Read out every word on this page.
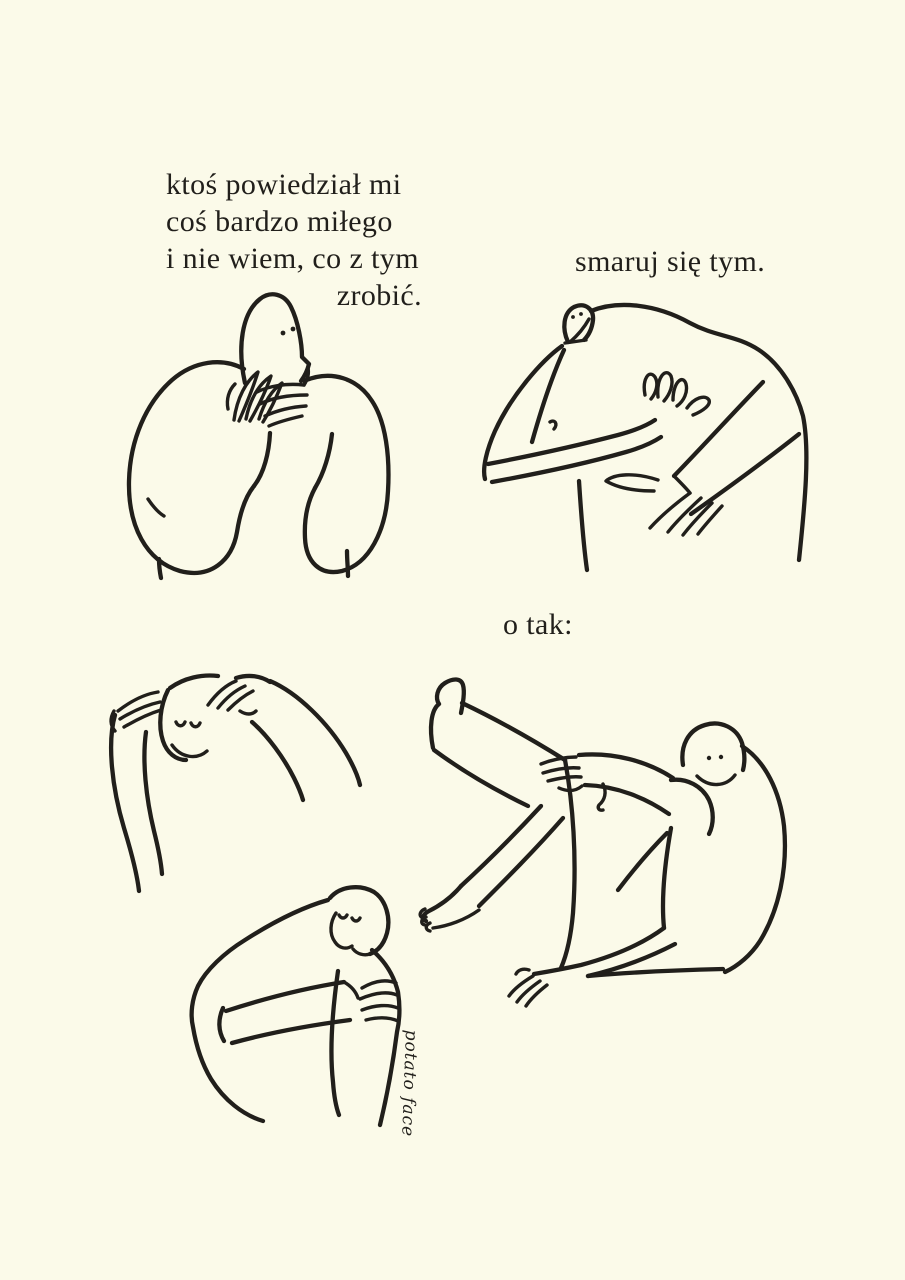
ktoś powiedział mi
coś bardzo miłego
i nie wiem, co z tym
zrobić.
smaruj się tym.
o tak:
potato face
